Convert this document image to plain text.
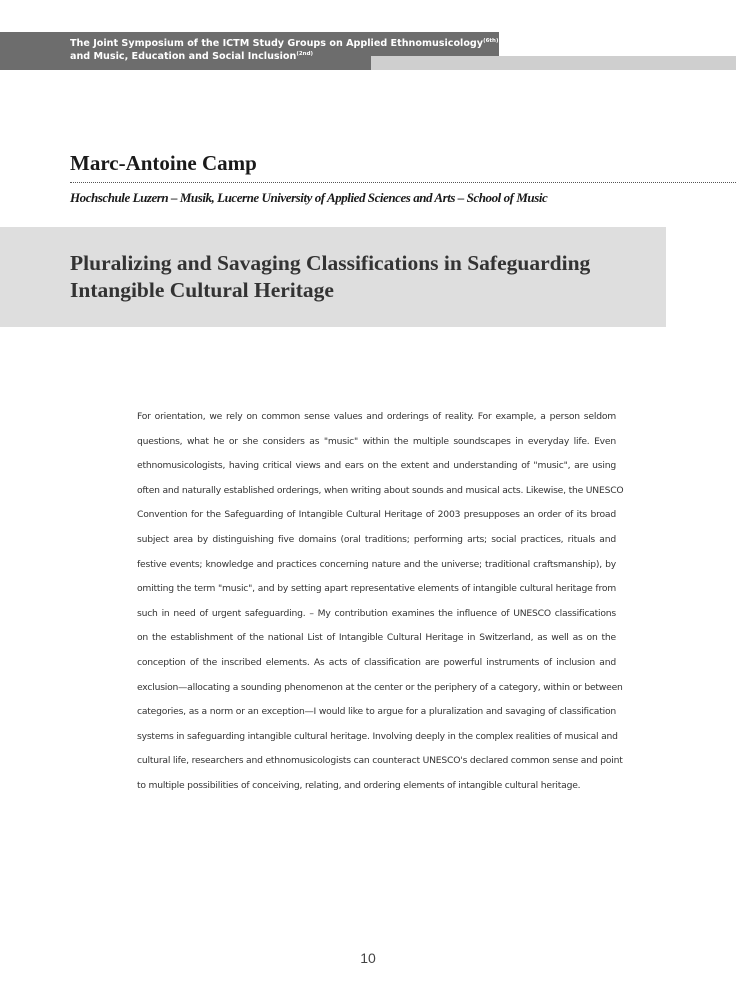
The Joint Symposium of the ICTM Study Groups on Applied Ethnomusicology$^{(6th)}$
and Music, Education and Social Inclusion$^{(2nd)}$
Marc-Antoine Camp
Hochschule Luzern – Musik, Lucerne University of Applied Sciences and Arts – School of Music
Pluralizing and Savaging Classifications in Safeguarding
Intangible Cultural Heritage
For orientation, we rely on common sense values and orderings of reality. For example, a person seldom
questions, what he or she considers as "music" within the multiple soundscapes in everyday life. Even
ethnomusicologists, having critical views and ears on the extent and understanding of "music", are using
often and naturally established orderings, when writing about sounds and musical acts. Likewise, the UNESCO
Convention for the Safeguarding of Intangible Cultural Heritage of 2003 presupposes an order of its broad
subject area by distinguishing five domains (oral traditions; performing arts; social practices, rituals and
festive events; knowledge and practices concerning nature and the universe; traditional craftsmanship), by
omitting the term "music", and by setting apart representative elements of intangible cultural heritage from
such in need of urgent safeguarding. – My contribution examines the influence of UNESCO classifications
on the establishment of the national List of Intangible Cultural Heritage in Switzerland, as well as on the
conception of the inscribed elements. As acts of classification are powerful instruments of inclusion and
exclusion—allocating a sounding phenomenon at the center or the periphery of a category, within or between
categories, as a norm or an exception—I would like to argue for a pluralization and savaging of classification
systems in safeguarding intangible cultural heritage. Involving deeply in the complex realities of musical and
cultural life, researchers and ethnomusicologists can counteract UNESCO's declared common sense and point
to multiple possibilities of conceiving, relating, and ordering elements of intangible cultural heritage.
10
